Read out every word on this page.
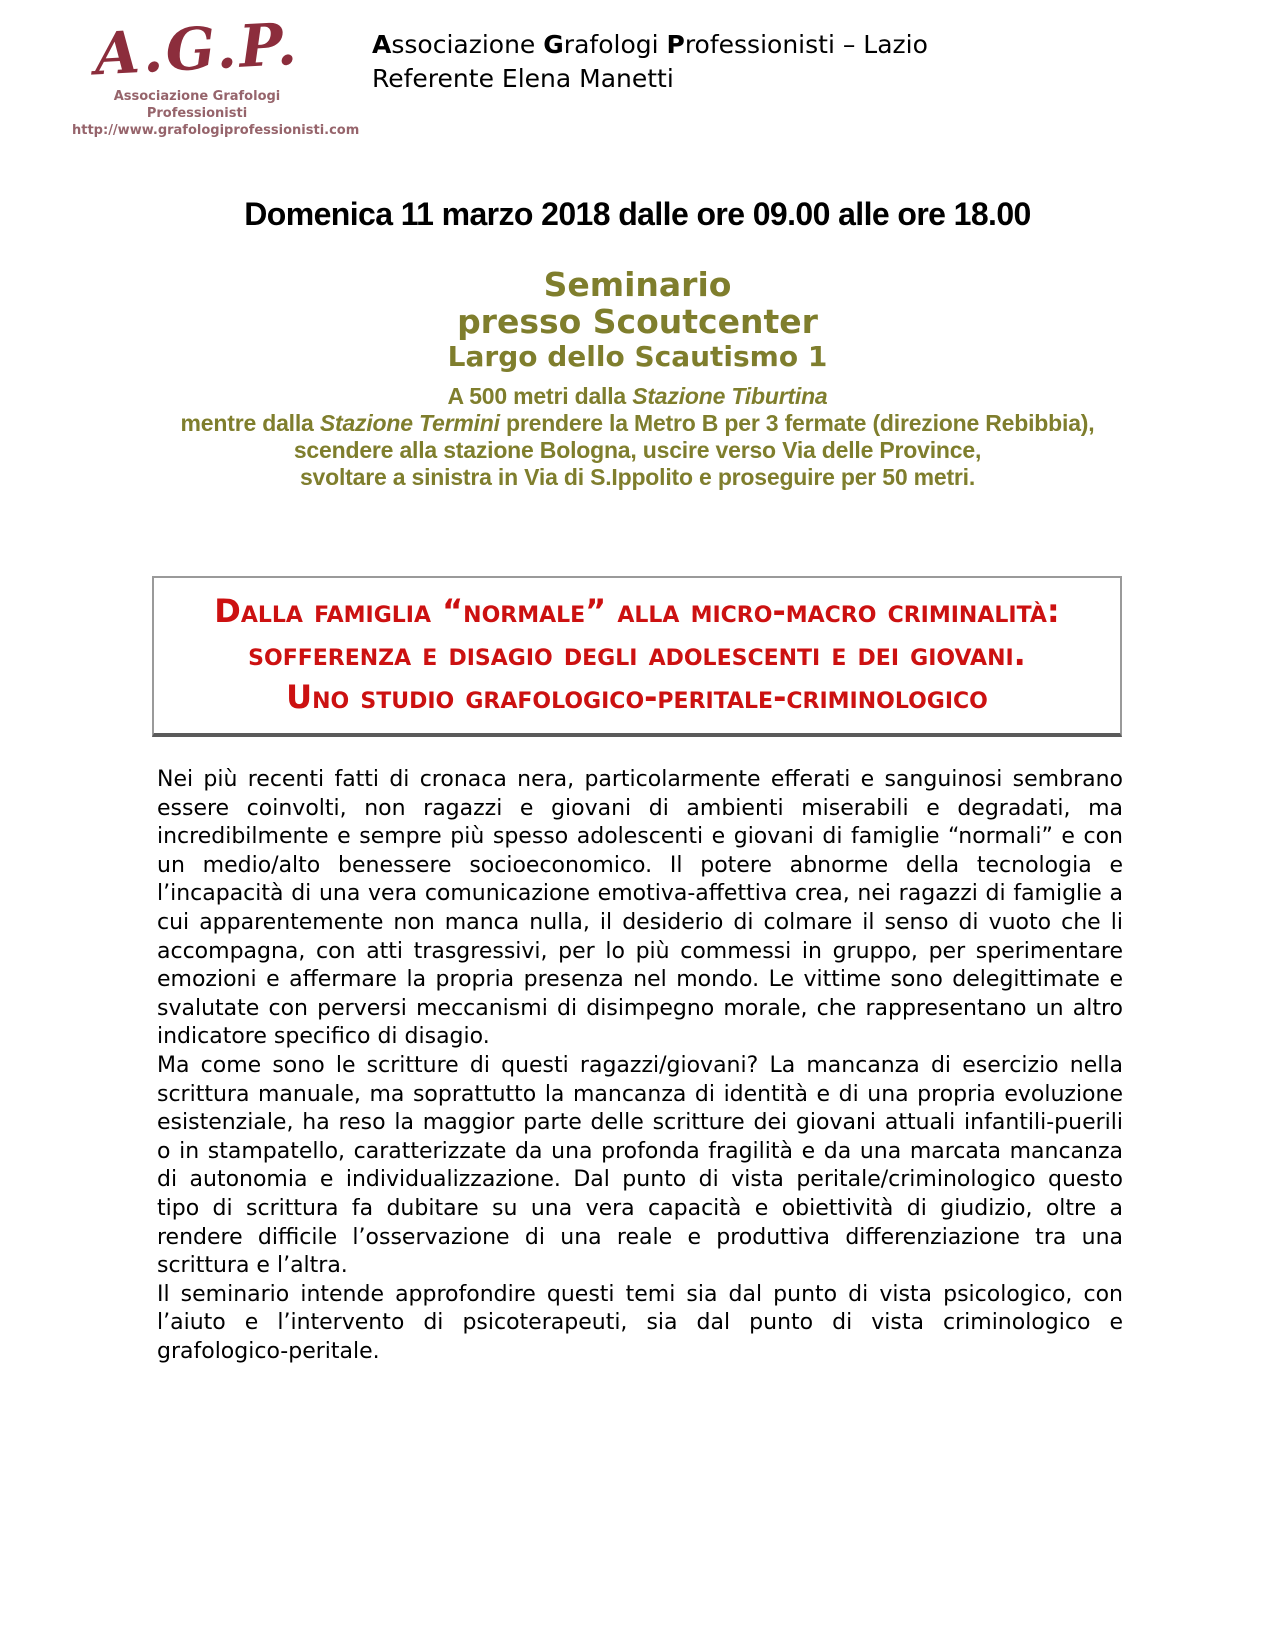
A.G.P.
Associazione Grafologi Professionisti
http://www.grafologiprofessionisti.com
Associazione Grafologi Professionisti – Lazio
Referente Elena Manetti
Domenica 11 marzo 2018 dalle ore 09.00 alle ore 18.00
Seminario
presso Scoutcenter
Largo dello Scautismo 1
A 500 metri dalla Stazione Tiburtina
mentre dalla Stazione Termini prendere la Metro B per 3 fermate (direzione Rebibbia),
scendere alla stazione Bologna, uscire verso Via delle Province,
svoltare a sinistra in Via di S.Ippolito e proseguire per 50 metri.
Dalla famiglia “normale” alla micro-macro criminalità:
sofferenza e disagio degli adolescenti e dei giovani.
Uno studio grafologico-peritale-criminologico

Nei più recenti fatti di cronaca nera, particolarmente efferati e sanguinosi sembrano essere coinvolti, non ragazzi e giovani di ambienti miserabili e degradati, ma incredibilmente e sempre più spesso adolescenti e giovani di famiglie “normali” e con un medio/alto benessere socioeconomico. Il potere abnorme della tecnologia e l’incapacità di una vera comunicazione emotiva-affettiva crea, nei ragazzi di famiglie a cui apparentemente non manca nulla, il desiderio di colmare il senso di vuoto che li accompagna, con atti trasgressivi, per lo più commessi in gruppo, per sperimentare emozioni e affermare la propria presenza nel mondo. Le vittime sono delegittimate e svalutate con perversi meccanismi di disimpegno morale, che rappresentano un altro indicatore specifico di disagio.

Ma come sono le scritture di questi ragazzi/giovani? La mancanza di esercizio nella scrittura manuale, ma soprattutto la mancanza di identità e di una propria evoluzione esistenziale, ha reso la maggior parte delle scritture dei giovani attuali infantili-puerili o in stampatello, caratterizzate da una profonda fragilità e da una marcata mancanza di autonomia e individualizzazione. Dal punto di vista peritale/criminologico questo tipo di scrittura fa dubitare su una vera capacità e obiettività di giudizio, oltre a rendere difficile l’osservazione di una reale e produttiva differenziazione tra una scrittura e l’altra.

Il seminario intende approfondire questi temi sia dal punto di vista psicologico, con l’aiuto e l’intervento di psicoterapeuti, sia dal punto di vista criminologico e grafologico-peritale.
